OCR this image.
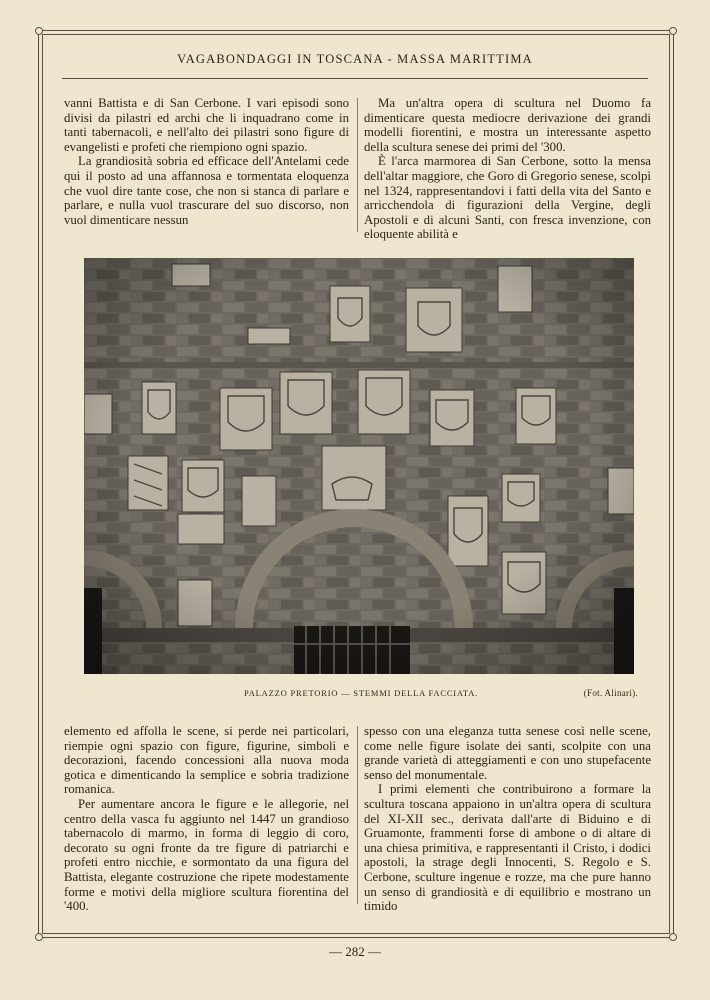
VAGABONDAGGI IN TOSCANA - MASSA MARITTIMA

vanni Battista e di San Cerbone. I vari episodi sono divisi da pilastri ed archi che li inquadrano come in tanti tabernacoli, e nell'alto dei pilastri sono figure di evangelisti e profeti che riempiono ogni spazio.

La grandiosità sobria ed efficace dell'Antelami cede qui il posto ad una affannosa e tormentata eloquenza che vuol dire tante cose, che non si stanca di parlare e parlare, e nulla vuol trascurare del suo discorso, non vuol dimenticare nessun

Ma un'altra opera di scultura nel Duomo fa dimenticare questa mediocre derivazione dei grandi modelli fiorentini, e mostra un interessante aspetto della scultura senese dei primi del '300.

È l'arca marmorea di San Cerbone, sotto la mensa dell'altar maggiore, che Goro di Gregorio senese, scolpì nel 1324, rappresentandovi i fatti della vita del Santo e arricchendola di figurazioni della Vergine, degli Apostoli e di alcuni Santi, con fresca invenzione, con eloquente abilità e

PALAZZO PRETORIO — STEMMI DELLA FACCIATA.	(Fot. Alinari).

elemento ed affolla le scene, si perde nei particolari, riempie ogni spazio con figure, figurine, simboli e decorazioni, facendo concessioni alla nuova moda gotica e dimenticando la semplice e sobria tradizione romanica.

Per aumentare ancora le figure e le allegorie, nel centro della vasca fu aggiunto nel 1447 un grandioso tabernacolo di marmo, in forma di leggio di coro, decorato su ogni fronte da tre figure di patriarchi e profeti entro nicchie, e sormontato da una figura del Battista, elegante costruzione che ripete modestamente forme e motivi della migliore scultura fiorentina del '400.

spesso con una eleganza tutta senese così nelle scene, come nelle figure isolate dei santi, scolpite con una grande varietà di atteggiamenti e con uno stupefacente senso del monumentale.

I primi elementi che contribuirono a formare la scultura toscana appaiono in un'altra opera di scultura del XI-XII sec., derivata dall'arte di Biduino e di Gruamonte, frammenti forse di ambone o di altare di una chiesa primitiva, e rappresentanti il Cristo, i dodici apostoli, la strage degli Innocenti, S. Regolo e S. Cerbone, sculture ingenue e rozze, ma che pure hanno un senso di grandiosità e di equilibrio e mostrano un timido

— 282 —
